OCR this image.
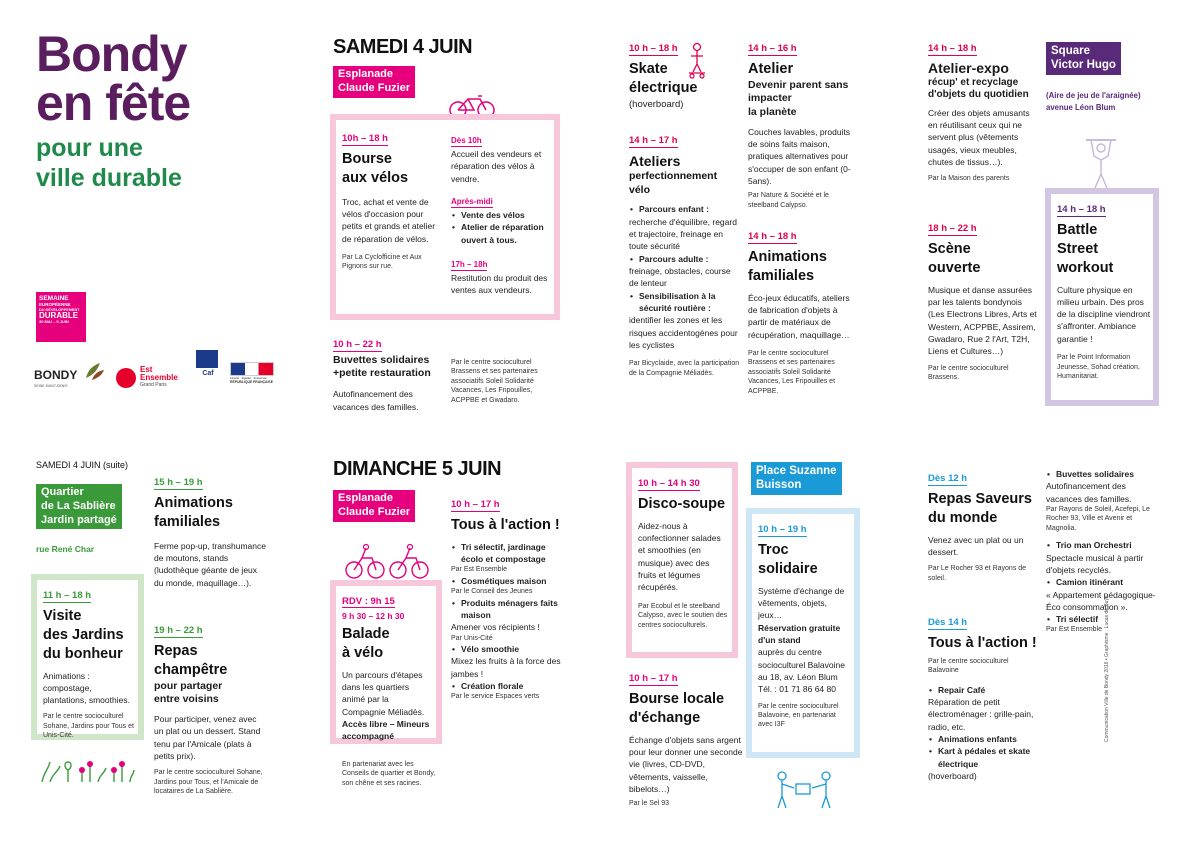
Bondy
en fête
pour une
ville durable
SEMAINE
EUROPÉENNE
DU DÉVELOPPEMENT
DURABLE
30 MAI – 5 JUIN
BONDY
SEINE-SAINT-DENIS
Est
Ensemble
Grand Paris
Caf
Liberté · Égalité · Fraternité
RÉPUBLIQUE FRANÇAISE
SAMEDI 4 JUIN
Esplanade
Claude Fuzier
10h – 18 h
Bourse
aux vélos
Troc, achat et vente de vélos d'occasion pour petits et grands et atelier de réparation de vélos.
Par La Cyclofficine et Aux Pignons sur rue.
Dès 10h
Accueil des vendeurs et réparation des vélos à vendre.
Après-midi
• Vente des vélos
• Atelier de réparation ouvert à tous.
17h – 18h
Restitution du produit des ventes aux vendeurs.
10 h – 22 h
Buvettes solidaires
+petite restauration
Autofinancement des vacances des familles.
Par le centre socioculturel Brassens et ses partenaires associatifs Soleil Solidarité Vacances, Les Fripouilles, ACPPBE et Gwadaro.
10 h – 18 h
Skate
électrique
(hoverboard)
14 h – 17 h
Ateliers
perfectionnement
vélo
• Parcours enfant :
recherche d'équilibre, regard et trajectoire, freinage en toute sécurité
• Parcours adulte :
freinage, obstacles, course de lenteur
• Sensibilisation à la sécurité routière :
identifier les zones et les risques accidentogènes pour les cyclistes
Par Bicyclaide, avec la participation de la Compagnie Méliadès.
14 h – 16 h
Atelier
Devenir parent sans
impacter
la planète
Couches lavables, produits de soins faits maison, pratiques alternatives pour s'occuper de son enfant (0-5ans).
Par Nature & Société et le steelband Calypso.
14 h – 18 h
Animations
familiales
Éco-jeux éducatifs, ateliers de fabrication d'objets à partir de matériaux de récupération, maquillage…
Par le centre socioculturel Brassens et ses partenaires associatifs Soleil Solidarité Vacances, Les Fripouilles et ACPPBE.
14 h – 18 h
Atelier-expo
récup' et recyclage
d'objets du quotidien
Créer des objets amusants en réutilisant ceux qui ne servent plus (vêtements usagés, vieux meubles, chutes de tissus…).
Par la Maison des parents
18 h – 22 h
Scène
ouverte
Musique et danse assurées par les talents bondynois (Les Electrons Libres, Arts et Western, ACPPBE, Assirem, Gwadaro, Rue 2 l'Art, T2H, Liens et Cultures…)
Par le centre socioculturel Brassens.
Square
Victor Hugo
(Aire de jeu de l'araignée)
avenue Léon Blum
14 h – 18 h
Battle
Street
workout
Culture physique en milieu urbain. Des pros de la discipline viendront s'affronter. Ambiance garantie !
Par le Point Information Jeunesse, Sohad création, Humanitariat.
SAMEDI 4 JUIN (suite)
Quartier
de La Sablière
Jardin partagé
rue René Char
11 h – 18 h
Visite
des Jardins
du bonheur
Animations : compostage, plantations, smoothies.
Par le centre socioculturel Sohane, Jardins pour Tous et Unis-Cité.
15 h – 19 h
Animations
familiales
Ferme pop-up, transhumance de moutons, stands (ludothèque géante de jeux du monde, maquillage…).
19 h – 22 h
Repas
champêtre
pour partager
entre voisins
Pour participer, venez avec un plat ou un dessert. Stand tenu par l'Amicale (plats à petits prix).
Par le centre socioculturel Sohane, Jardins pour Tous, et l'Amicale de locataires de La Sablière.
DIMANCHE 5 JUIN
Esplanade
Claude Fuzier
RDV : 9h 15
9 h 30 – 12 h 30
Balade
à vélo
Un parcours d'étapes dans les quartiers animé par la Compagnie Méliadès.
Accès libre – Mineurs accompagné
En partenariat avec les Conseils de quartier et Bondy, son chêne et ses racines.
10 h – 17 h
Tous à l'action !
• Tri sélectif, jardinage écolo et compostage
Par Est Ensemble
• Cosmétiques maison
Par le Conseil des Jeunes
• Produits ménagers faits maison
Amener vos récipients !
Par Unis-Cité
• Vélo smoothie
Mixez les fruits à la force des jambes !
• Création florale
Par le service Espaces verts
10 h – 14 h 30
Disco-soupe
Aidez-nous à confectionner salades et smoothies (en musique) avec des fruits et légumes récupérés.
Par Ecobul et le steelband Calypso, avec le soutien des centres socioculturels.
10 h – 17 h
Bourse locale
d'échange
Échange d'objets sans argent pour leur donner une seconde vie (livres, CD-DVD, vêtements, vaisselle, bibelots…)
Par le Sel 93
Place Suzanne
Buisson
10 h – 19 h
Troc
solidaire
Système d'échange de vêtements, objets, jeux…
Réservation gratuite d'un stand
auprès du centre socioculturel Balavoine au 18, av. Léon Blum Tél. : 01 71 86 64 80
Par le centre socioculturel Balavoine, en partenariat avec I3F
Dès 12 h
Repas Saveurs
du monde
Venez avec un plat ou un dessert.
Par Le Rocher 93 et Rayons de soleil.
Dès 14 h
Tous à l'action !
Par le centre socioculturel Balavoine
• Repair Café
Réparation de petit électroménager : grille-pain, radio, etc.
• Animations enfants
• Kart à pédales et skate électrique
(hoverboard)
• Buvettes solidaires
Autofinancement des vacances des familles.
Par Rayons de Soleil, Acefepi, Le Rocher 93, Ville et Avenir et Magnolia.
• Trio man Orchestri
Spectacle musical à partir d'objets recyclés.
• Camion itinérant
« Appartement pédagogique-Éco consommation ».
• Tri sélectif
Par Est Ensemble Communication Ville de Bondy 2016 • Graphisme : Lucas de Buys
